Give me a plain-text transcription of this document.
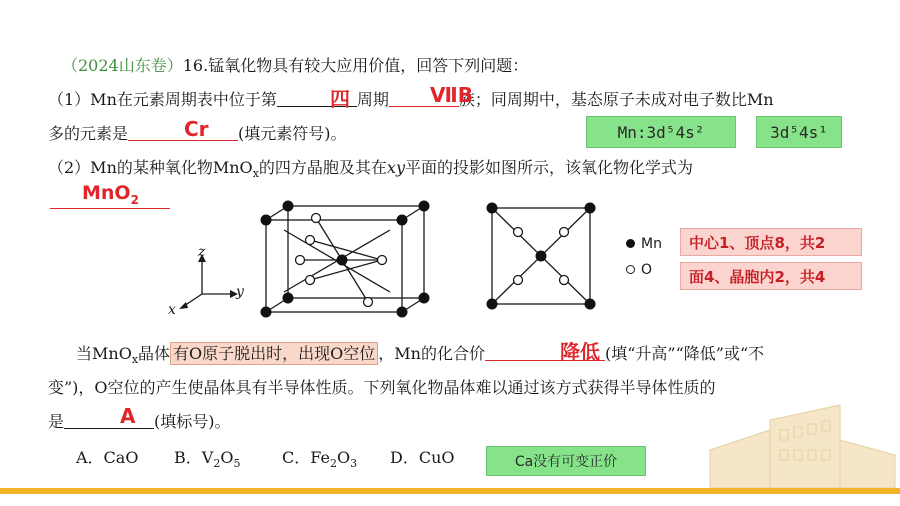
（2024山东卷）16.锰氧化物具有较大应用价值，回答下列问题：
（1）Mn在元素周期表中位于第	周期	族；同周期中，基态原子未成对电子数比Mn
四	ⅦB
多的元素是	(填元素符号)。
Cr	Mn:3d⁵4s²	3d⁵4s¹
（2）Mn的某种氧化物MnO$_x$的四方晶胞及其在xy平面的投影如图所示，该氧化物化学式为
MnO$_2$
z
y
x
Mn
O
中心1、顶点8，共2
面4、晶胞内2，共4
当MnO$_x$晶体 有O原子脱出时，出现O空位 ，Mn的化合价	(填“升高”“降低”或“不
降低
变”)，O空位的产生使晶体具有半导体性质。下列氧化物晶体难以通过该方式获得半导体性质的
是	(填标号)。
A
A．CaO B．$V_2O_5$	C．$Fe_2O_3$ D．CuO	Ca没有可变正价
